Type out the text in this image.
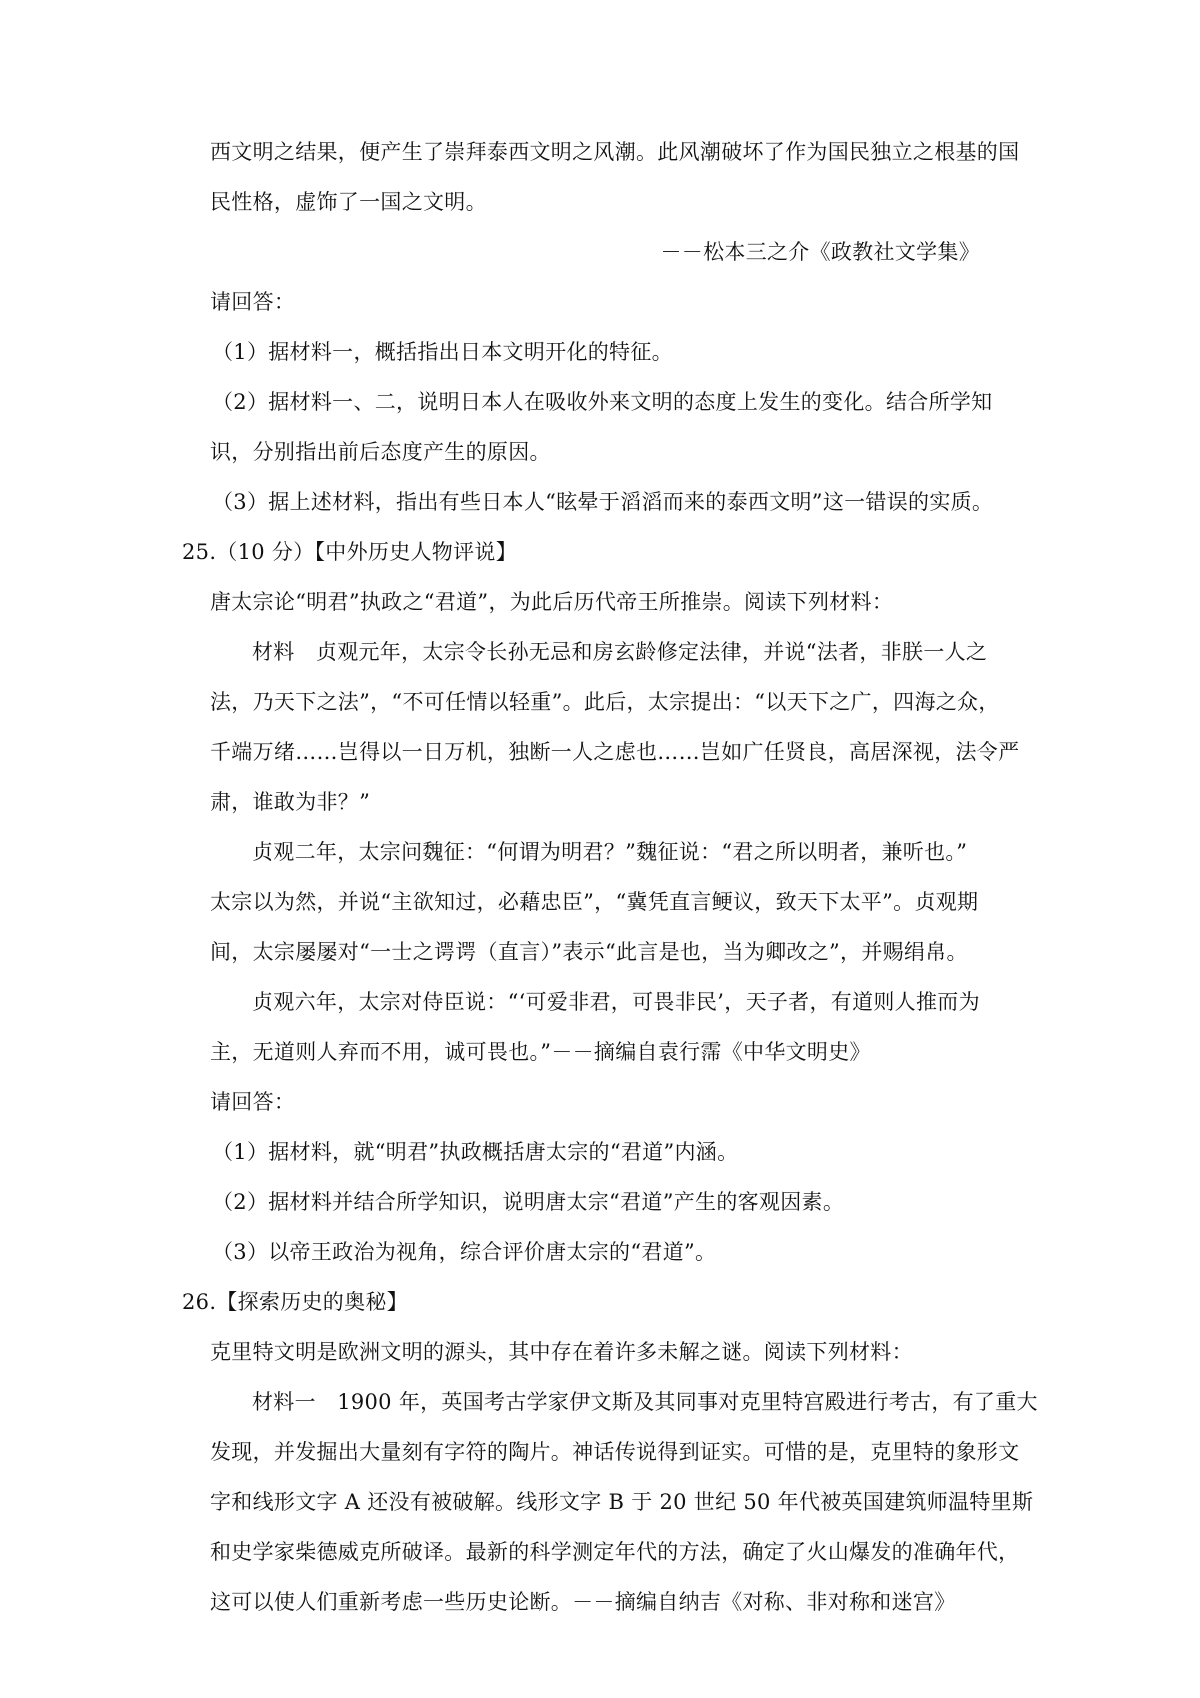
西文明之结果，便产生了崇拜泰西文明之风潮。此风潮破坏了作为国民独立之根基的国
民性格，虚饰了一国之文明。
－－松本三之介《政教社文学集》
请回答：
（1）据材料一，概括指出日本文明开化的特征。
（2）据材料一、二，说明日本人在吸收外来文明的态度上发生的变化。结合所学知
识，分别指出前后态度产生的原因。
（3）据上述材料，指出有些日本人“眩晕于滔滔而来的泰西文明”这一错误的实质。
25.（10 分）【中外历史人物评说】
唐太宗论“明君”执政之“君道”，为此后历代帝王所推崇。阅读下列材料：
材料　贞观元年，太宗令长孙无忌和房玄龄修定法律，并说“法者，非朕一人之
法，乃天下之法”，“不可任情以轻重”。此后，太宗提出：“以天下之广，四海之众，
千端万绪……岂得以一日万机，独断一人之虑也……岂如广任贤良，高居深视，法令严
肃，谁敢为非？”
贞观二年，太宗问魏征：“何谓为明君？”魏征说：“君之所以明者，兼听也。”
太宗以为然，并说“主欲知过，必藉忠臣”，“冀凭直言鲠议，致天下太平”。贞观期
间，太宗屡屡对“一士之谔谔（直言）”表示“此言是也，当为卿改之”，并赐绢帛。
贞观六年，太宗对侍臣说：“‘可爱非君，可畏非民’，天子者，有道则人推而为
主，无道则人弃而不用，诚可畏也。”－－摘编自袁行霈《中华文明史》
请回答：
（1）据材料，就“明君”执政概括唐太宗的“君道”内涵。
（2）据材料并结合所学知识，说明唐太宗“君道”产生的客观因素。
（3）以帝王政治为视角，综合评价唐太宗的“君道”。
26.【探索历史的奥秘】
克里特文明是欧洲文明的源头，其中存在着许多未解之谜。阅读下列材料：
材料一　1900 年，英国考古学家伊文斯及其同事对克里特宫殿进行考古，有了重大
发现，并发掘出大量刻有字符的陶片。神话传说得到证实。可惜的是，克里特的象形文
字和线形文字 A 还没有被破解。线形文字 B 于 20 世纪 50 年代被英国建筑师温特里斯
和史学家柴德威克所破译。最新的科学测定年代的方法，确定了火山爆发的准确年代，
这可以使人们重新考虑一些历史论断。－－摘编自纳吉《对称、非对称和迷宫》
